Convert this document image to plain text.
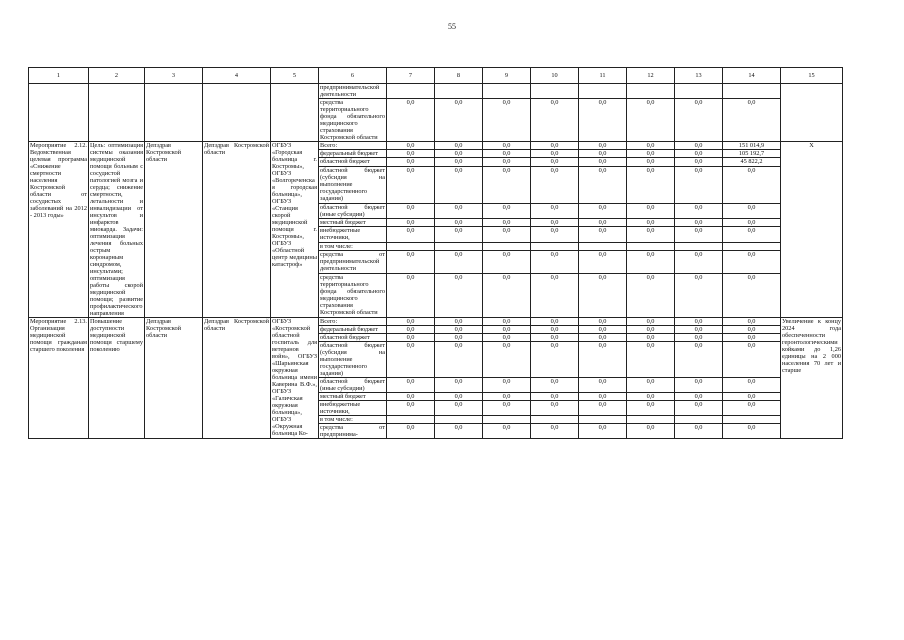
55
1	2	3	4	5	6	7	8	9	10	11	12	13	14	15
					предпринимательской деятельности									
					средства территориального фонда обязательного медицинского страхования Костромской области	0,0	0,0	0,0	0,0	0,0	0,0	0,0	0,0	
Мероприятие 2.12. Ведомственная целевая программа «Снижение смертности населения Костромской области от сосудистых заболеваний на 2012 - 2013 годы»	Цель: оптимизация системы оказания медицинской помощи больным с сосудистой патологией мозга и сердца; снижение смертности, летальности и инвалидизации от инсультов и инфарктов миокарда. Задачи: оптимизация лечения больных острым коронарным синдромом, инсультами; оптимизация работы скорой медицинской помощи; развитие профилактического направления	Депздрав Костромской области	Депздрав Костромской области	ОГБУЗ «Городская больница г. Костромы», ОГБУЗ «Волгореченская городская больница», ОГБУЗ «Станция скорой медицинской помощи г. Костромы», ОГБУЗ «Областной центр медицины катастроф»	Всего:	0,0	0,0	0,0	0,0	0,0	0,0	0,0	151 014,9	X
					федеральный бюджет	0,0	0,0	0,0	0,0	0,0	0,0	0,0	105 192,7	
					областной бюджет	0,0	0,0	0,0	0,0	0,0	0,0	0,0	45 822,2	
					областной бюджет (субсидия на выполнение государственного задания)	0,0	0,0	0,0	0,0	0,0	0,0	0,0	0,0	
					областной бюджет (иные субсидии)	0,0	0,0	0,0	0,0	0,0	0,0	0,0	0,0	
					местный бюджет	0,0	0,0	0,0	0,0	0,0	0,0	0,0	0,0	
					внебюджетные источники,	0,0	0,0	0,0	0,0	0,0	0,0	0,0	0,0	
					в том числе:									
					средства от предпринимательской деятельности	0,0	0,0	0,0	0,0	0,0	0,0	0,0	0,0	
					средства территориального фонда обязательного медицинского страхования Костромской области	0,0	0,0	0,0	0,0	0,0	0,0	0,0	0,0	
Мероприятие 2.13. Организация медицинской помощи гражданам старшего поколения	Повышение доступности медицинской помощи старшему поколению	Депздрав Костромской области	Депздрав Костромской области	ОГБУЗ «Костромской областной госпиталь для ветеранов войн», ОГБУЗ «Шарьинская окружная больница имени Каверина В.Ф.», ОГБУЗ «Галичская окружная больница», ОГБУЗ «Окружная больница Ко-	Всего:	0,0	0,0	0,0	0,0	0,0	0,0	0,0	0,0	Увеличение к концу 2024 года обеспеченности геронтологическими койками до 1,26 единицы на 2 000 населения 70 лет и старше
					федеральный бюджет	0,0	0,0	0,0	0,0	0,0	0,0	0,0	0,0	
					областной бюджет	0,0	0,0	0,0	0,0	0,0	0,0	0,0	0,0	
					областной бюджет (субсидия на выполнение государственного задания)	0,0	0,0	0,0	0,0	0,0	0,0	0,0	0,0	
					областной бюджет (иные субсидии)	0,0	0,0	0,0	0,0	0,0	0,0	0,0	0,0	
					местный бюджет	0,0	0,0	0,0	0,0	0,0	0,0	0,0	0,0	
					внебюджетные источники,	0,0	0,0	0,0	0,0	0,0	0,0	0,0	0,0	
					в том числе:									
					средства от предпринима-	0,0	0,0	0,0	0,0	0,0	0,0	0,0	0,0	
